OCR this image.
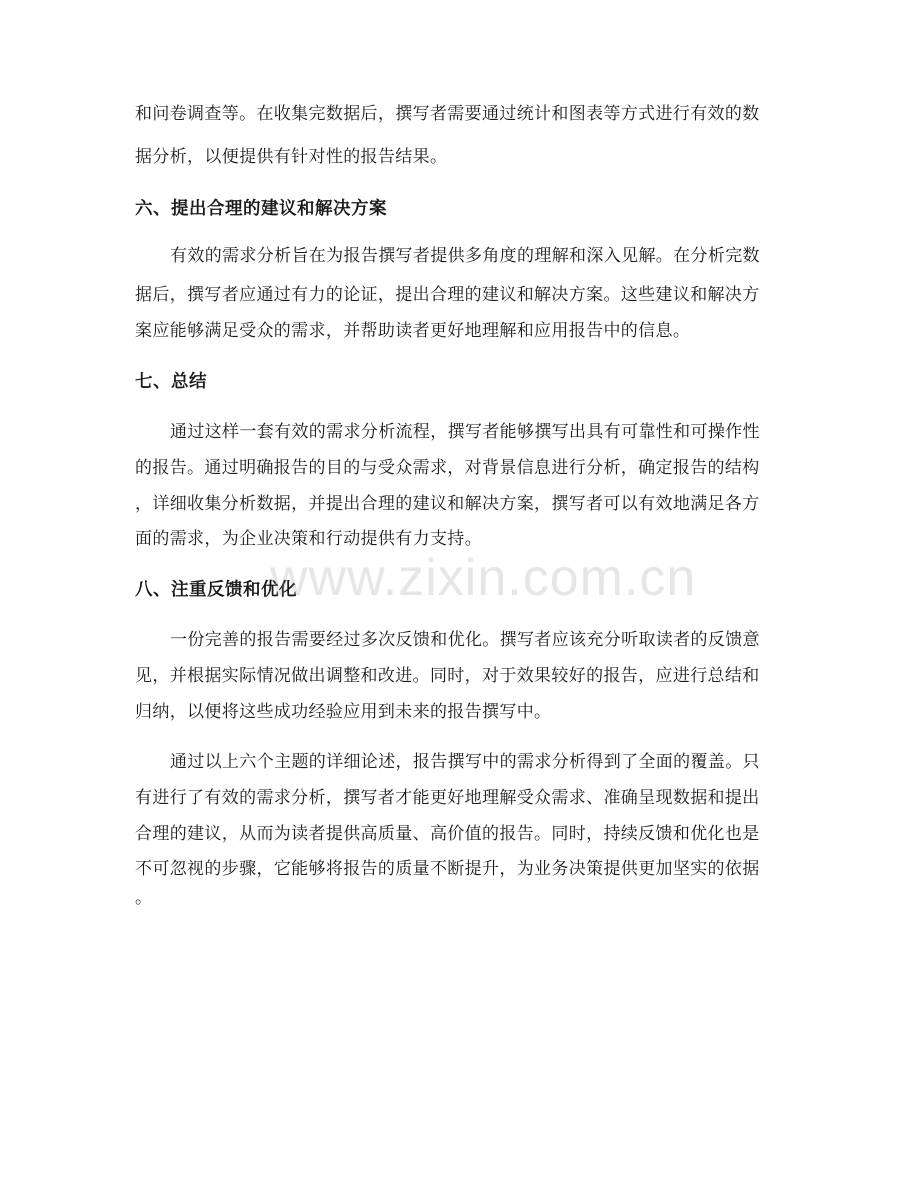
和问卷调查等。在收集完数据后，撰写者需要通过统计和图表等方式进行有效的数
据分析，以便提供有针对性的报告结果。
六、提出合理的建议和解决方案
有效的需求分析旨在为报告撰写者提供多角度的理解和深入见解。在分析完数
据后，撰写者应通过有力的论证，提出合理的建议和解决方案。这些建议和解决方
案应能够满足受众的需求，并帮助读者更好地理解和应用报告中的信息。
七、总结
通过这样一套有效的需求分析流程，撰写者能够撰写出具有可靠性和可操作性
的报告。通过明确报告的目的与受众需求，对背景信息进行分析，确定报告的结构
，详细收集分析数据，并提出合理的建议和解决方案，撰写者可以有效地满足各方
面的需求，为企业决策和行动提供有力支持。
八、注重反馈和优化
一份完善的报告需要经过多次反馈和优化。撰写者应该充分听取读者的反馈意
见，并根据实际情况做出调整和改进。同时，对于效果较好的报告，应进行总结和
归纳，以便将这些成功经验应用到未来的报告撰写中。
通过以上六个主题的详细论述，报告撰写中的需求分析得到了全面的覆盖。只
有进行了有效的需求分析，撰写者才能更好地理解受众需求、准确呈现数据和提出
合理的建议，从而为读者提供高质量、高价值的报告。同时，持续反馈和优化也是
不可忽视的步骤，它能够将报告的质量不断提升，为业务决策提供更加坚实的依据
。
www.zixin.com.cn
